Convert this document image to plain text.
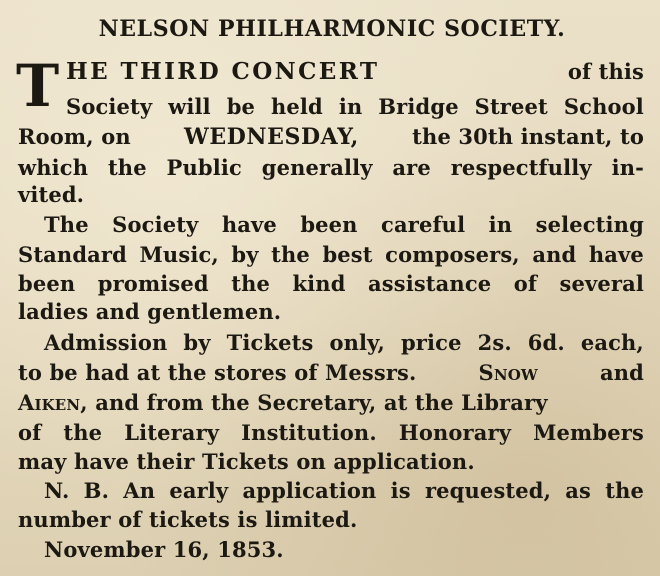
NELSON PHILHARMONIC SOCIETY.
T HE THIRD CONCERT	of this
Society will be held in Bridge Street School
Room, on WEDNESDAY,	the 30th instant, to
which the Public generally are respectfully in-
vited.
The Society have been careful in selecting
Standard Music, by the best composers, and have
been promised the kind assistance of several
ladies and gentlemen.
Admission by Tickets only, price 2s. 6d. each,
to be had at the stores of Messrs.	SNOW	and
AIKEN, and from the Secretary, at the Library
of the Literary Institution. Honorary Members
may have their Tickets on application.
N. B. An early application is requested, as the
number of tickets is limited.
November 16, 1853.
